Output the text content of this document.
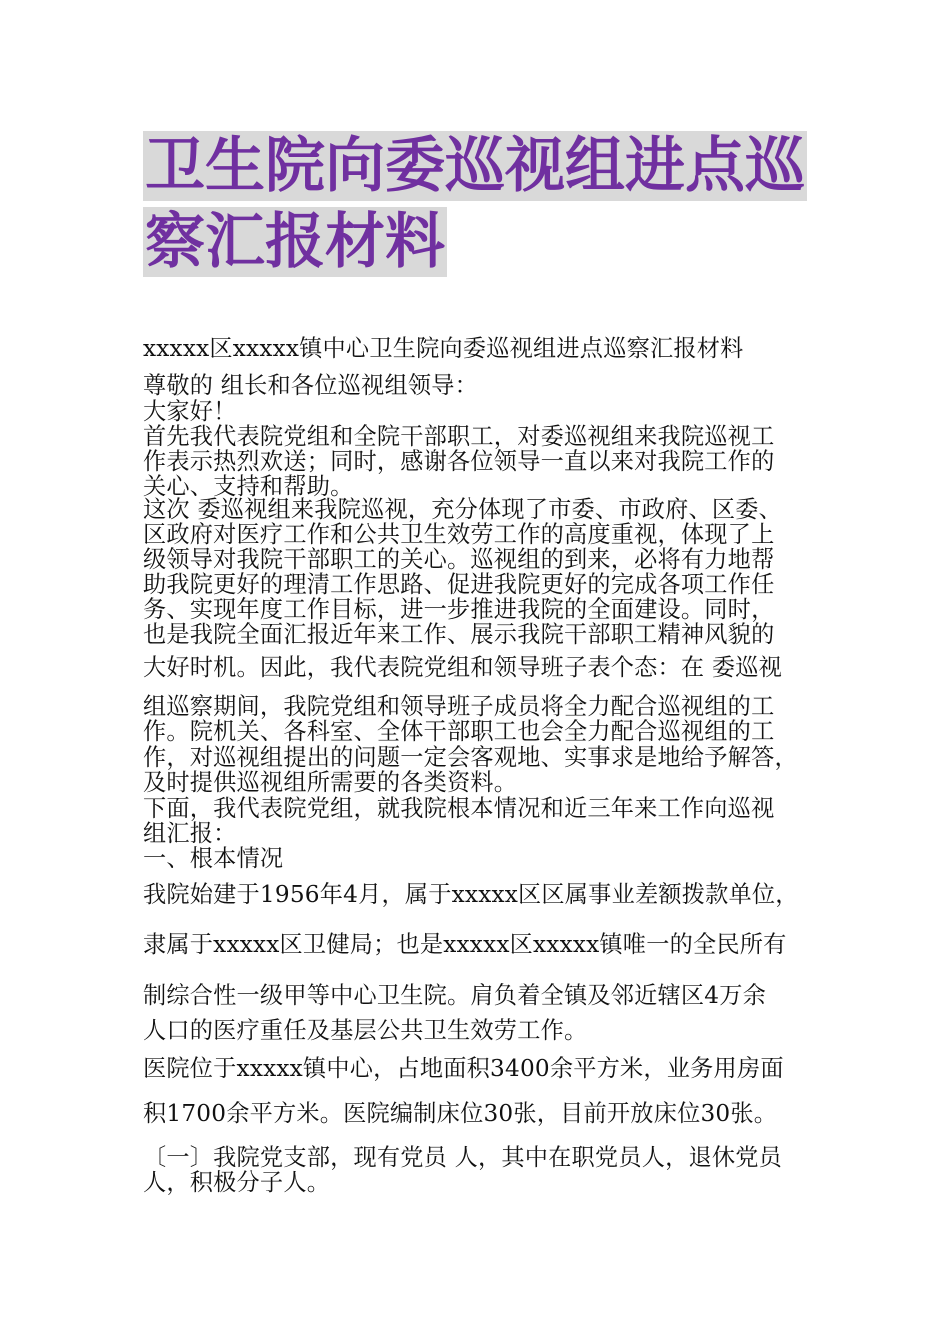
卫生院向委巡视组进点巡察汇报材料
xxxxx区xxxxx镇中心卫生院向委巡视组进点巡察汇报材料
尊敬的 组长和各位巡视组领导：
大家好！
首先我代表院党组和全院干部职工，对委巡视组来我院巡视工
作表示热烈欢送；同时，感谢各位领导一直以来对我院工作的
关心、支持和帮助。
这次 委巡视组来我院巡视，充分体现了市委、市政府、区委、
区政府对医疗工作和公共卫生效劳工作的高度重视，体现了上
级领导对我院干部职工的关心。巡视组的到来，必将有力地帮
助我院更好的理清工作思路、促进我院更好的完成各项工作任
务、实现年度工作目标，进一步推进我院的全面建设。同时，
也是我院全面汇报近年来工作、展示我院干部职工精神风貌的
大好时机。因此，我代表院党组和领导班子表个态：在 委巡视
组巡察期间，我院党组和领导班子成员将全力配合巡视组的工
作。院机关、各科室、全体干部职工也会全力配合巡视组的工
作，对巡视组提出的问题一定会客观地、实事求是地给予解答，
及时提供巡视组所需要的各类资料。
下面，我代表院党组，就我院根本情况和近三年来工作向巡视
组汇报：
一、根本情况
我院始建于1956年4月，属于xxxxx区区属事业差额拨款单位，
隶属于xxxxx区卫健局；也是xxxxx区xxxxx镇唯一的全民所有
制综合性一级甲等中心卫生院。肩负着全镇及邻近辖区4万余
人口的医疗重任及基层公共卫生效劳工作。
医院位于xxxxx镇中心，占地面积3400余平方米，业务用房面
积1700余平方米。医院编制床位30张，目前开放床位30张。
〔一〕我院党支部，现有党员 人，其中在职党员人，退休党员
人，积极分子人。
